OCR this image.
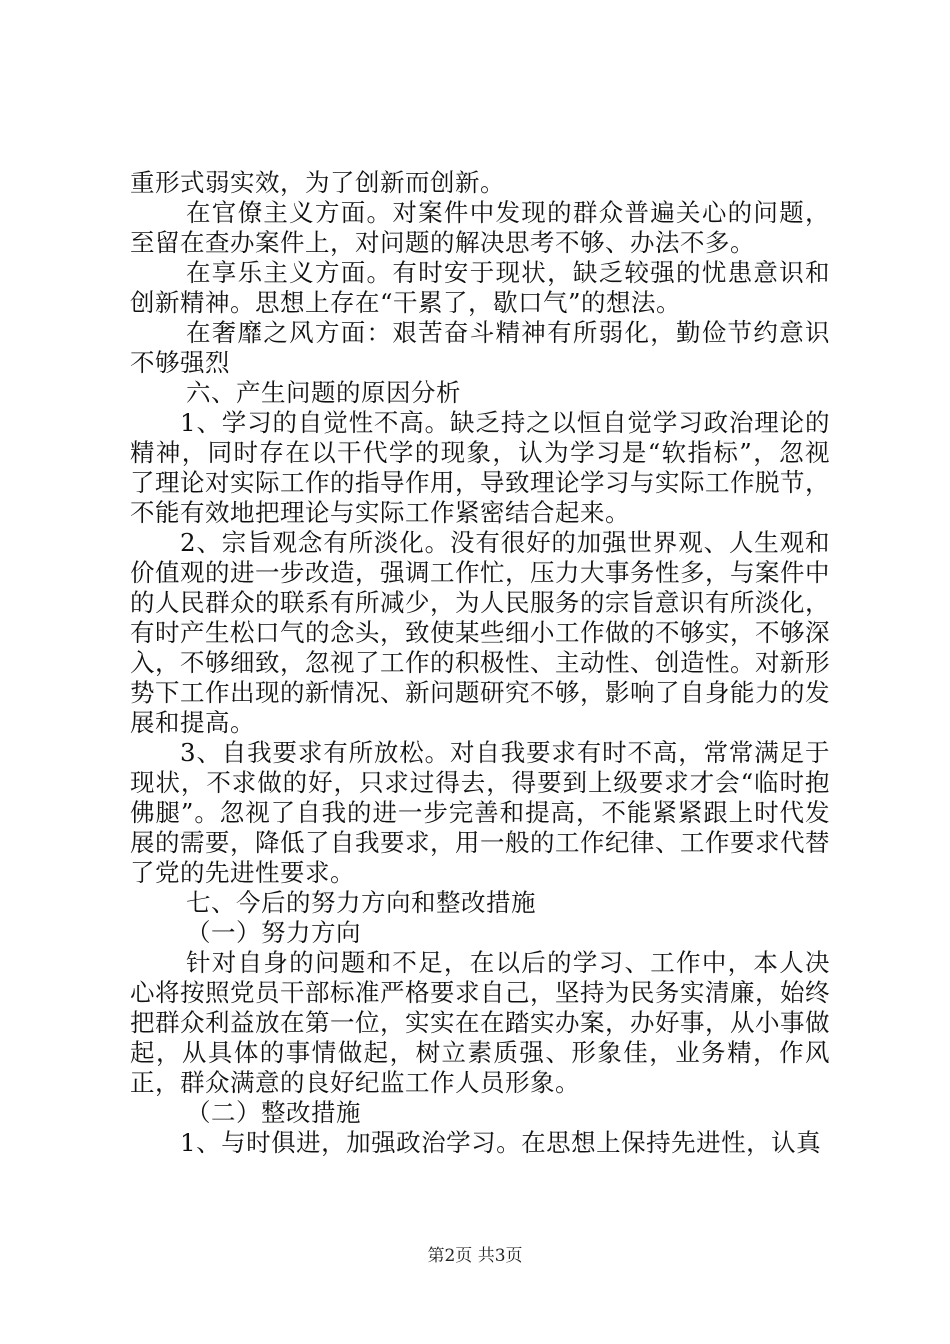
重形式弱实效，为了创新而创新。

在官僚主义方面。对案件中发现的群众普遍关心的问题，至留在查办案件上，对问题的解决思考不够、办法不多。

在享乐主义方面。有时安于现状，缺乏较强的忧患意识和创新精神。思想上存在“干累了，歇口气”的想法。

在奢靡之风方面：艰苦奋斗精神有所弱化，勤俭节约意识不够强烈

六、产生问题的原因分析

1、学习的自觉性不高。缺乏持之以恒自觉学习政治理论的精神，同时存在以干代学的现象，认为学习是“软指标”，忽视了理论对实际工作的指导作用，导致理论学习与实际工作脱节，不能有效地把理论与实际工作紧密结合起来。

2、宗旨观念有所淡化。没有很好的加强世界观、人生观和价值观的进一步改造，强调工作忙，压力大事务性多，与案件中的人民群众的联系有所减少，为人民服务的宗旨意识有所淡化，有时产生松口气的念头，致使某些细小工作做的不够实，不够深入，不够细致，忽视了工作的积极性、主动性、创造性。对新形势下工作出现的新情况、新问题研究不够，影响了自身能力的发展和提高。

3、自我要求有所放松。对自我要求有时不高，常常满足于现状，不求做的好，只求过得去，得要到上级要求才会“临时抱佛腿”。忽视了自我的进一步完善和提高，不能紧紧跟上时代发展的需要，降低了自我要求，用一般的工作纪律、工作要求代替了党的先进性要求。

七、今后的努力方向和整改措施

（一）努力方向

针对自身的问题和不足，在以后的学习、工作中，本人决心将按照党员干部标准严格要求自己，坚持为民务实清廉，始终把群众利益放在第一位，实实在在踏实办案，办好事，从小事做起，从具体的事情做起，树立素质强、形象佳，业务精，作风正，群众满意的良好纪监工作人员形象。

（二）整改措施

1、与时俱进，加强政治学习。在思想上保持先进性，认真

第2页 共3页
